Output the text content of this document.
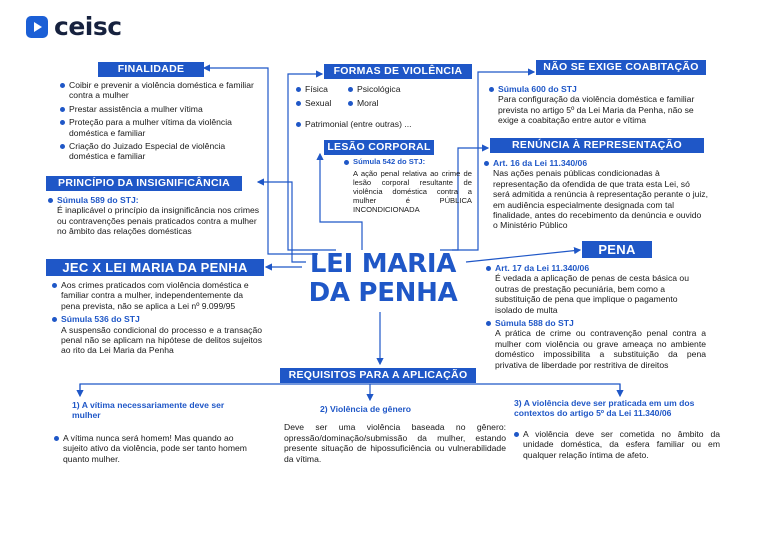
ceisc
FINALIDADE
Coibir e prevenir a violência doméstica e familiar contra a mulher
Prestar assistência a mulher vítima
Proteção para a mulher vítima da violência doméstica e familiar
Criação do Juizado Especial de violência doméstica e familiar
FORMAS DE VIOLÊNCIA
Física	Psicológica
Sexual	Moral
Patrimonial (entre outras) ...
LESÃO CORPORAL
Súmula 542 do STJ:
A ação penal relativa ao crime de lesão corporal resultante de violência doméstica contra a mulher é PÚBLICA INCONDICIONADA
NÃO SE EXIGE COABITAÇÃO
Súmula 600 do STJ
Para configuração da violência doméstica e familiar prevista no artigo 5º da Lei Maria da Penha, não se exige a coabitação entre autor e vítima
PRINCÍPIO DA INSIGNIFICÂNCIA
Súmula 589 do STJ:
É inaplicável o princípio da insignificância nos crimes ou contravenções penais praticados contra a mulher no âmbito das relações domésticas
RENÚNCIA À REPRESENTAÇÃO
Art. 16 da Lei 11.340/06
Nas ações penais públicas condicionadas à representação da ofendida de que trata esta Lei, só será admitida a renúncia à representação perante o juiz, em audiência especialmente designada com tal finalidade, antes do recebimento da denúncia e ouvido o Ministério Público
JEC X LEI MARIA DA PENHA
Aos crimes praticados com violência doméstica e familiar contra a mulher, independentemente da pena prevista, não se aplica a Lei nº 9.099/95
Súmula 536 do STJ
A suspensão condicional do processo e a transação penal não se aplicam na hipótese de delitos sujeitos ao rito da Lei Maria da Penha
LEI MARIA
DA PENHA
PENA
Art. 17 da Lei 11.340/06
É vedada a aplicação de penas de cesta básica ou outras de prestação pecuniária, bem como a substituição de pena que implique o pagamento isolado de multa
Súmula 588 do STJ
A prática de crime ou contravenção penal contra a mulher com violência ou grave ameaça no ambiente doméstico impossibilita a substituição da pena privativa de liberdade por restritiva de direitos
REQUISITOS PARA A APLICAÇÃO
1) A vítima necessariamente deve ser mulher
A vítima nunca será homem! Mas quando ao sujeito ativo da violência, pode ser tanto homem quanto mulher.
2) Violência de gênero
Deve ser uma violência baseada no gênero: opressão/dominação/submissão da mulher, estando presente situação de hipossuficiência ou vulnerabilidade da vítima.
3) A violência deve ser praticada em um dos contextos do artigo 5º da Lei 11.340/06
A violência deve ser cometida no âmbito da unidade doméstica, da esfera familiar ou em qualquer relação íntima de afeto.
